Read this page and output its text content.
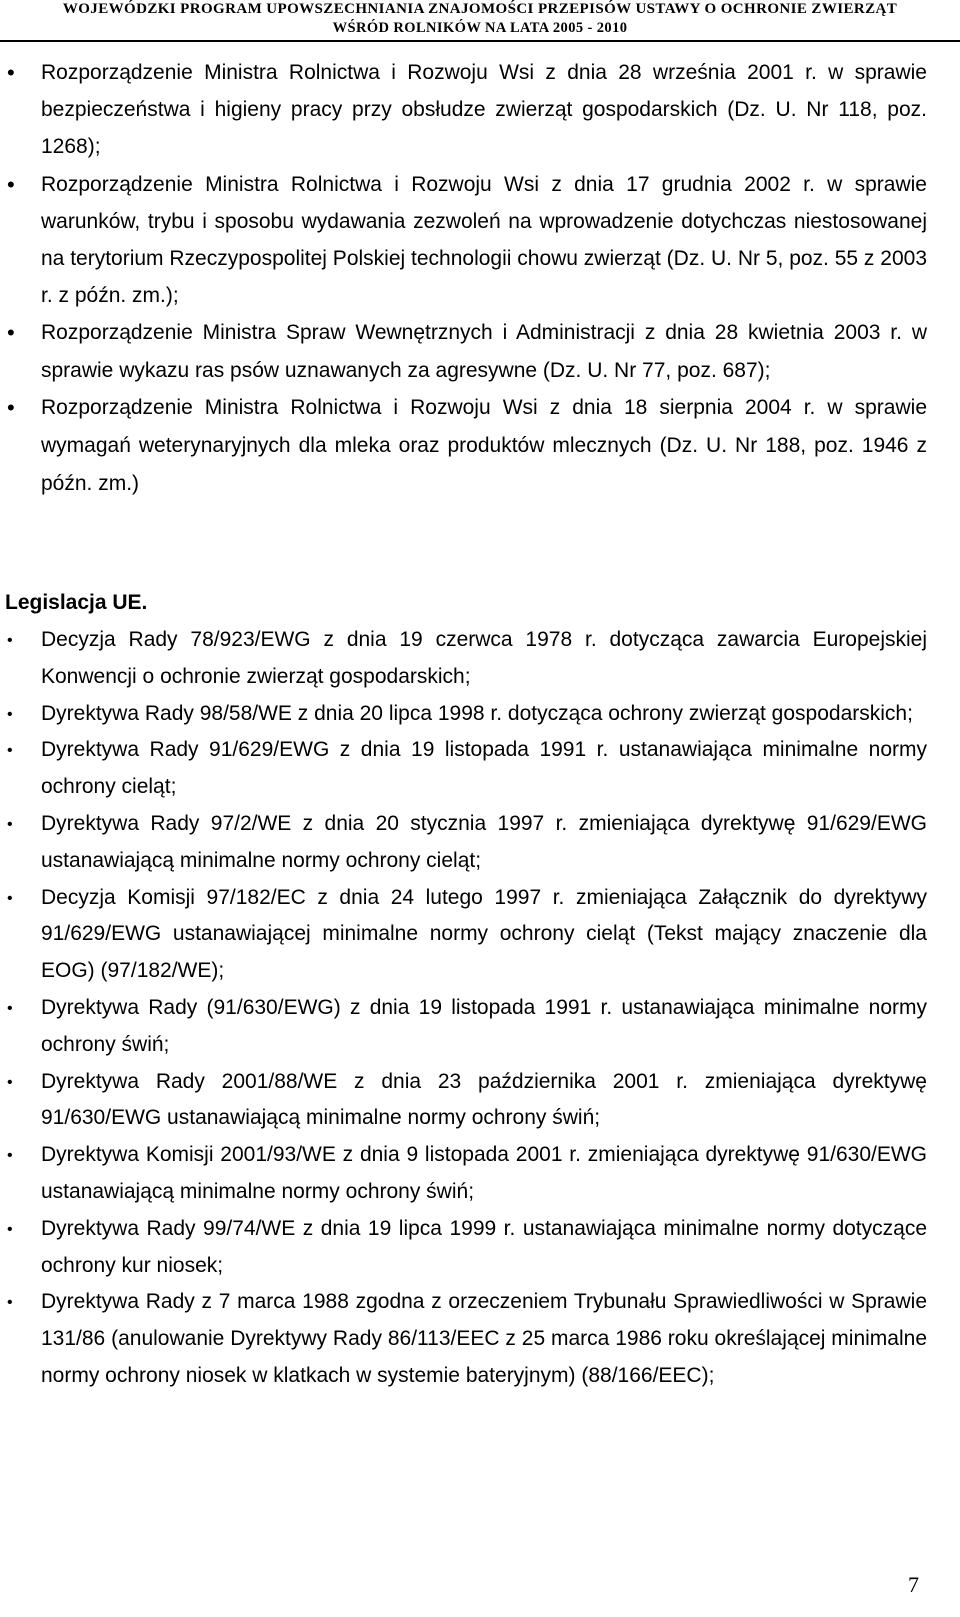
WOJEWÓDZKI PROGRAM UPOWSZECHNIANIA ZNAJOMOŚCI PRZEPISÓW USTAWY O OCHRONIE ZWIERZĄT
WŚRÓD ROLNIKÓW NA LATA 2005 - 2010
• Rozporządzenie Ministra Rolnictwa i Rozwoju Wsi z dnia 28 września 2001 r. w sprawie bezpieczeństwa i higieny pracy przy obsłudze zwierząt gospodarskich (Dz. U. Nr 118, poz. 1268);
• Rozporządzenie Ministra Rolnictwa i Rozwoju Wsi z dnia 17 grudnia 2002 r. w sprawie warunków, trybu i sposobu wydawania zezwoleń na wprowadzenie dotychczas niestosowanej na terytorium Rzeczypospolitej Polskiej technologii chowu zwierząt (Dz. U. Nr 5, poz. 55 z 2003 r. z późn. zm.);
• Rozporządzenie Ministra Spraw Wewnętrznych i Administracji z dnia 28 kwietnia 2003 r. w sprawie wykazu ras psów uznawanych za agresywne (Dz. U. Nr 77, poz. 687);
• Rozporządzenie Ministra Rolnictwa i Rozwoju Wsi z dnia 18 sierpnia 2004 r. w sprawie wymagań weterynaryjnych dla mleka oraz produktów mlecznych (Dz. U. Nr 188, poz. 1946 z późn. zm.)
Legislacja UE.
• Decyzja Rady 78/923/EWG z dnia 19 czerwca 1978 r. dotycząca zawarcia Europejskiej Konwencji o ochronie zwierząt gospodarskich;
• Dyrektywa Rady 98/58/WE z dnia 20 lipca 1998 r. dotycząca ochrony zwierząt gospodarskich;
• Dyrektywa Rady 91/629/EWG z dnia 19 listopada 1991 r. ustanawiająca minimalne normy ochrony cieląt;
• Dyrektywa Rady 97/2/WE z dnia 20 stycznia 1997 r. zmieniająca dyrektywę 91/629/EWG ustanawiającą minimalne normy ochrony cieląt;
• Decyzja Komisji 97/182/EC z dnia 24 lutego 1997 r. zmieniająca Załącznik do dyrektywy 91/629/EWG ustanawiającej minimalne normy ochrony cieląt (Tekst mający znaczenie dla EOG) (97/182/WE);
• Dyrektywa Rady (91/630/EWG) z dnia 19 listopada 1991 r. ustanawiająca minimalne normy ochrony świń;
• Dyrektywa Rady 2001/88/WE z dnia 23 października 2001 r. zmieniająca dyrektywę 91/630/EWG ustanawiającą minimalne normy ochrony świń;
• Dyrektywa Komisji 2001/93/WE z dnia 9 listopada 2001 r. zmieniająca dyrektywę 91/630/EWG ustanawiającą minimalne normy ochrony świń;
• Dyrektywa Rady 99/74/WE z dnia 19 lipca 1999 r. ustanawiająca minimalne normy dotyczące ochrony kur niosek;
• Dyrektywa Rady z 7 marca 1988 zgodna z orzeczeniem Trybunału Sprawiedliwości w Sprawie 131/86 (anulowanie Dyrektywy Rady 86/113/EEC z 25 marca 1986 roku określającej minimalne normy ochrony niosek w klatkach w systemie bateryjnym) (88/166/EEC);
7
